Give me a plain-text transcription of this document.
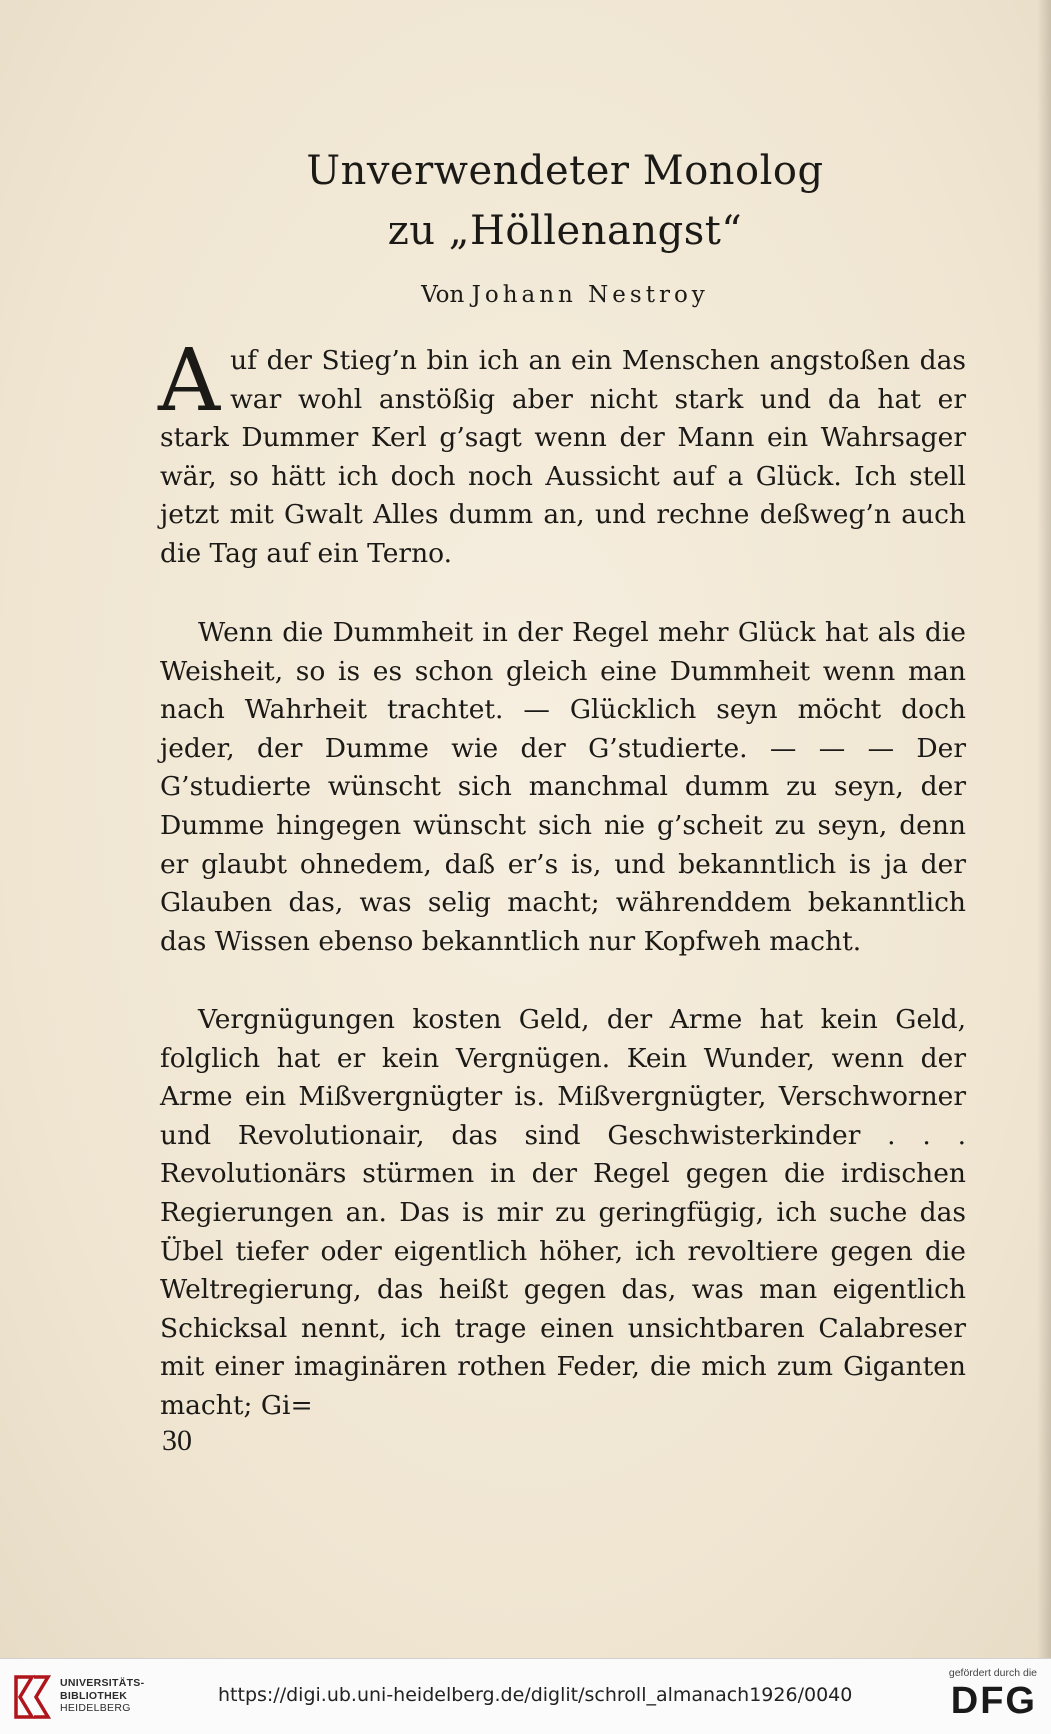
Unverwendeter Monolog
zu „Höllenangst“
Von Johann Nestroy

Auf der Stieg’n bin ich an ein Menschen angstoßen das war wohl anstößig aber nicht stark und da hat er stark Dummer Kerl g’sagt wenn der Mann ein Wahrsager wär, so hätt ich doch noch Aussicht auf a Glück. Ich stell jetzt mit Gwalt Alles dumm an, und rechne deßweg’n auch die Tag auf ein Terno.

Wenn die Dummheit in der Regel mehr Glück hat als die Weisheit, so is es schon gleich eine Dummheit wenn man nach Wahrheit trachtet. — Glücklich seyn möcht doch jeder, der Dumme wie der G’studierte. — — — Der G’studierte wünscht sich manchmal dumm zu seyn, der Dumme hingegen wünscht sich nie g’scheit zu seyn, denn er glaubt ohnedem, daß er’s is, und bekanntlich is ja der Glauben das, was selig macht; währenddem bekanntlich das Wissen ebenso bekanntlich nur Kopfweh macht.

Vergnügungen kosten Geld, der Arme hat kein Geld, folglich hat er kein Vergnügen. Kein Wunder, wenn der Arme ein Mißvergnügter is. Mißvergnügter, Verschworner und Revolutionair, das sind Geschwisterkinder . . . Revolutionärs stürmen in der Regel gegen die irdischen Regierungen an. Das is mir zu geringfügig, ich suche das Übel tiefer oder eigentlich höher, ich revoltiere gegen die Weltregierung, das heißt gegen das, was man eigentlich Schicksal nennt, ich trage einen unsichtbaren Calabreser mit einer imaginären rothen Feder, die mich zum Giganten macht; Gi=

30
UNIVERSITÄTS-
BIBLIOTHEK
HEIDELBERG
https://digi.ub.uni-heidelberg.de/diglit/schroll_almanach1926/0040
gefördert durch die
DFG
